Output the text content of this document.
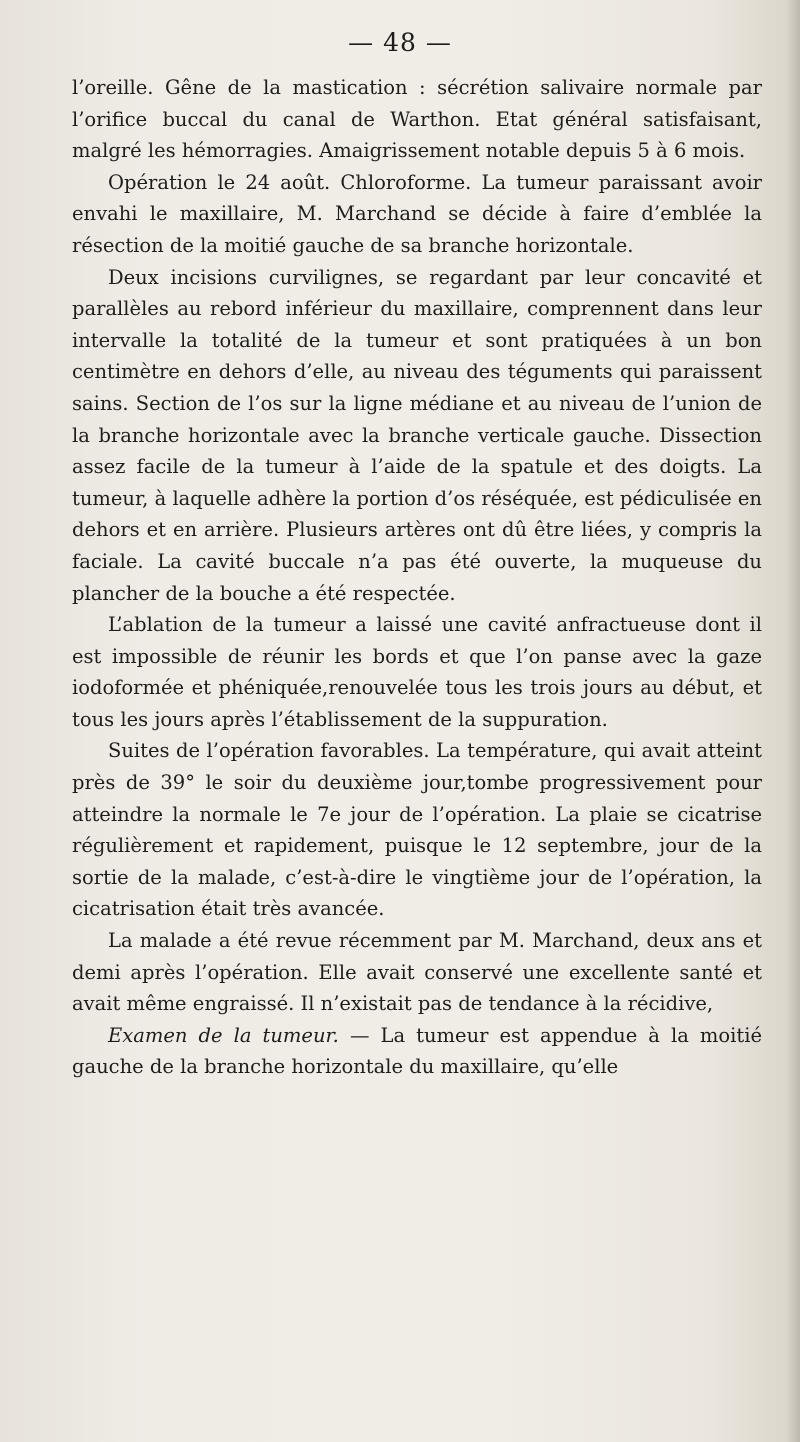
— 48 —

l’oreille. Gêne de la mastication : sécrétion salivaire normale par l’orifice buccal du canal de Warthon. Etat général satisfaisant, malgré les hémorragies. Amaigrissement notable depuis 5 à 6 mois.

Opération le 24 août. Chloroforme. La tumeur paraissant avoir envahi le maxillaire, M. Marchand se décide à faire d’emblée la résection de la moitié gauche de sa branche horizontale.

Deux incisions curvilignes, se regardant par leur concavité et parallèles au rebord inférieur du maxillaire, comprennent dans leur intervalle la totalité de la tumeur et sont pratiquées à un bon centimètre en dehors d’elle, au niveau des téguments qui paraissent sains. Section de l’os sur la ligne médiane et au niveau de l’union de la branche horizontale avec la branche verticale gauche. Dissection assez facile de la tumeur à l’aide de la spatule et des doigts. La tumeur, à laquelle adhère la portion d’os réséquée, est pédiculisée en dehors et en arrière. Plusieurs artères ont dû être liées, y compris la faciale. La cavité buccale n’a pas été ouverte, la muqueuse du plancher de la bouche a été respectée.

L’ablation de la tumeur a laissé une cavité anfractueuse dont il est impossible de réunir les bords et que l’on panse avec la gaze iodoformée et phéniquée,renouvelée tous les trois jours au début, et tous les jours après l’établissement de la suppuration.

Suites de l’opération favorables. La température, qui avait atteint près de 39° le soir du deuxième jour,tombe progressivement pour atteindre la normale le 7e jour de l’opération. La plaie se cicatrise régulièrement et rapidement, puisque le 12 septembre, jour de la sortie de la malade, c’est-à-dire le vingtième jour de l’opération, la cicatrisation était très avancée.

La malade a été revue récemment par M. Marchand, deux ans et demi après l’opération. Elle avait conservé une excellente santé et avait même engraissé. Il n’existait pas de tendance à la récidive,

Examen de la tumeur. — La tumeur est appendue à la moitié gauche de la branche horizontale du maxillaire, qu’elle
